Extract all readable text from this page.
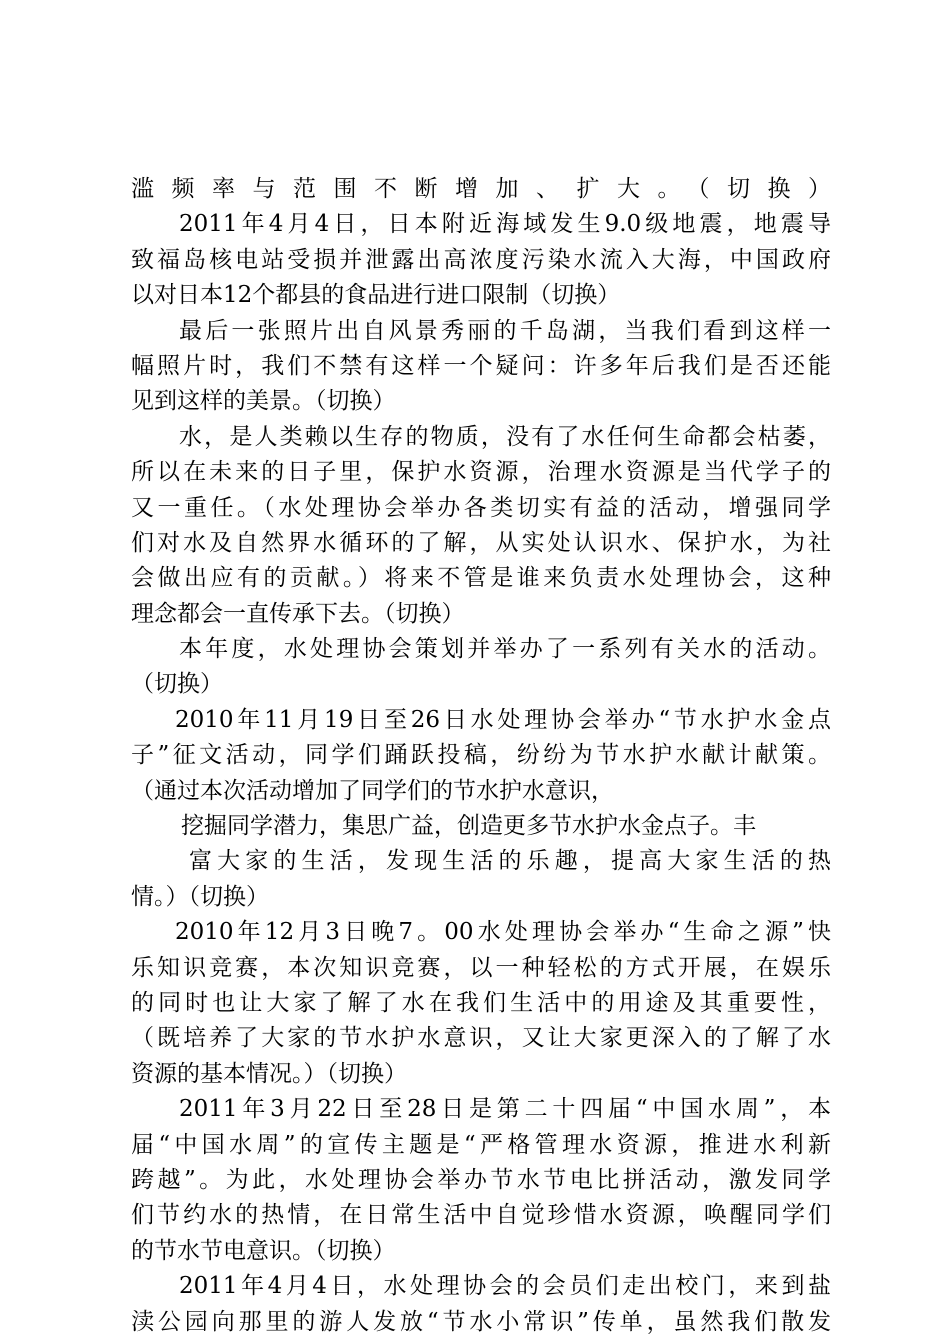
滥频率与范围不断增加、扩大。（切换）
2011年4月4日，日本附近海域发生9.0级地震，地震导
致福岛核电站受损并泄露出高浓度污染水流入大海，中国政府
以对日本12个都县的食品进行进口限制（切换）
最后一张照片出自风景秀丽的千岛湖，当我们看到这样一
幅照片时，我们不禁有这样一个疑问：许多年后我们是否还能
见到这样的美景。（切换）
水，是人类赖以生存的物质，没有了水任何生命都会枯萎，
所以在未来的日子里，保护水资源，治理水资源是当代学子的
又一重任。（水处理协会举办各类切实有益的活动，增强同学
们对水及自然界水循环的了解，从实处认识水、保护水，为社
会做出应有的贡献。）将来不管是谁来负责水处理协会，这种
理念都会一直传承下去。（切换）
本年度，水处理协会策划并举办了一系列有关水的活动。
（切换）
2010年11月19日至26日水处理协会举办“节水护水金点
子”征文活动，同学们踊跃投稿，纷纷为节水护水献计献策。
（通过本次活动增加了同学们的节水护水意识，
挖掘同学潜力，集思广益，创造更多节水护水金点子。丰
富大家的生活，发现生活的乐趣，提高大家生活的热
情。）（切换）
2010年12月3日晚7。00水处理协会举办“生命之源”快
乐知识竞赛，本次知识竞赛，以一种轻松的方式开展，在娱乐
的同时也让大家了解了水在我们生活中的用途及其重要性，
（既培养了大家的节水护水意识，又让大家更深入的了解了水
资源的基本情况。）（切换）
2011年3月22日至28日是第二十四届“中国水周”，本
届“中国水周”的宣传主题是“严格管理水资源，推进水利新
跨越”。为此，水处理协会举办节水节电比拼活动，激发同学
们节约水的热情，在日常生活中自觉珍惜水资源，唤醒同学们
的节水节电意识。（切换）
2011年4月4日，水处理协会的会员们走出校门，来到盐
渎公园向那里的游人发放“节水小常识”传单，虽然我们散发
